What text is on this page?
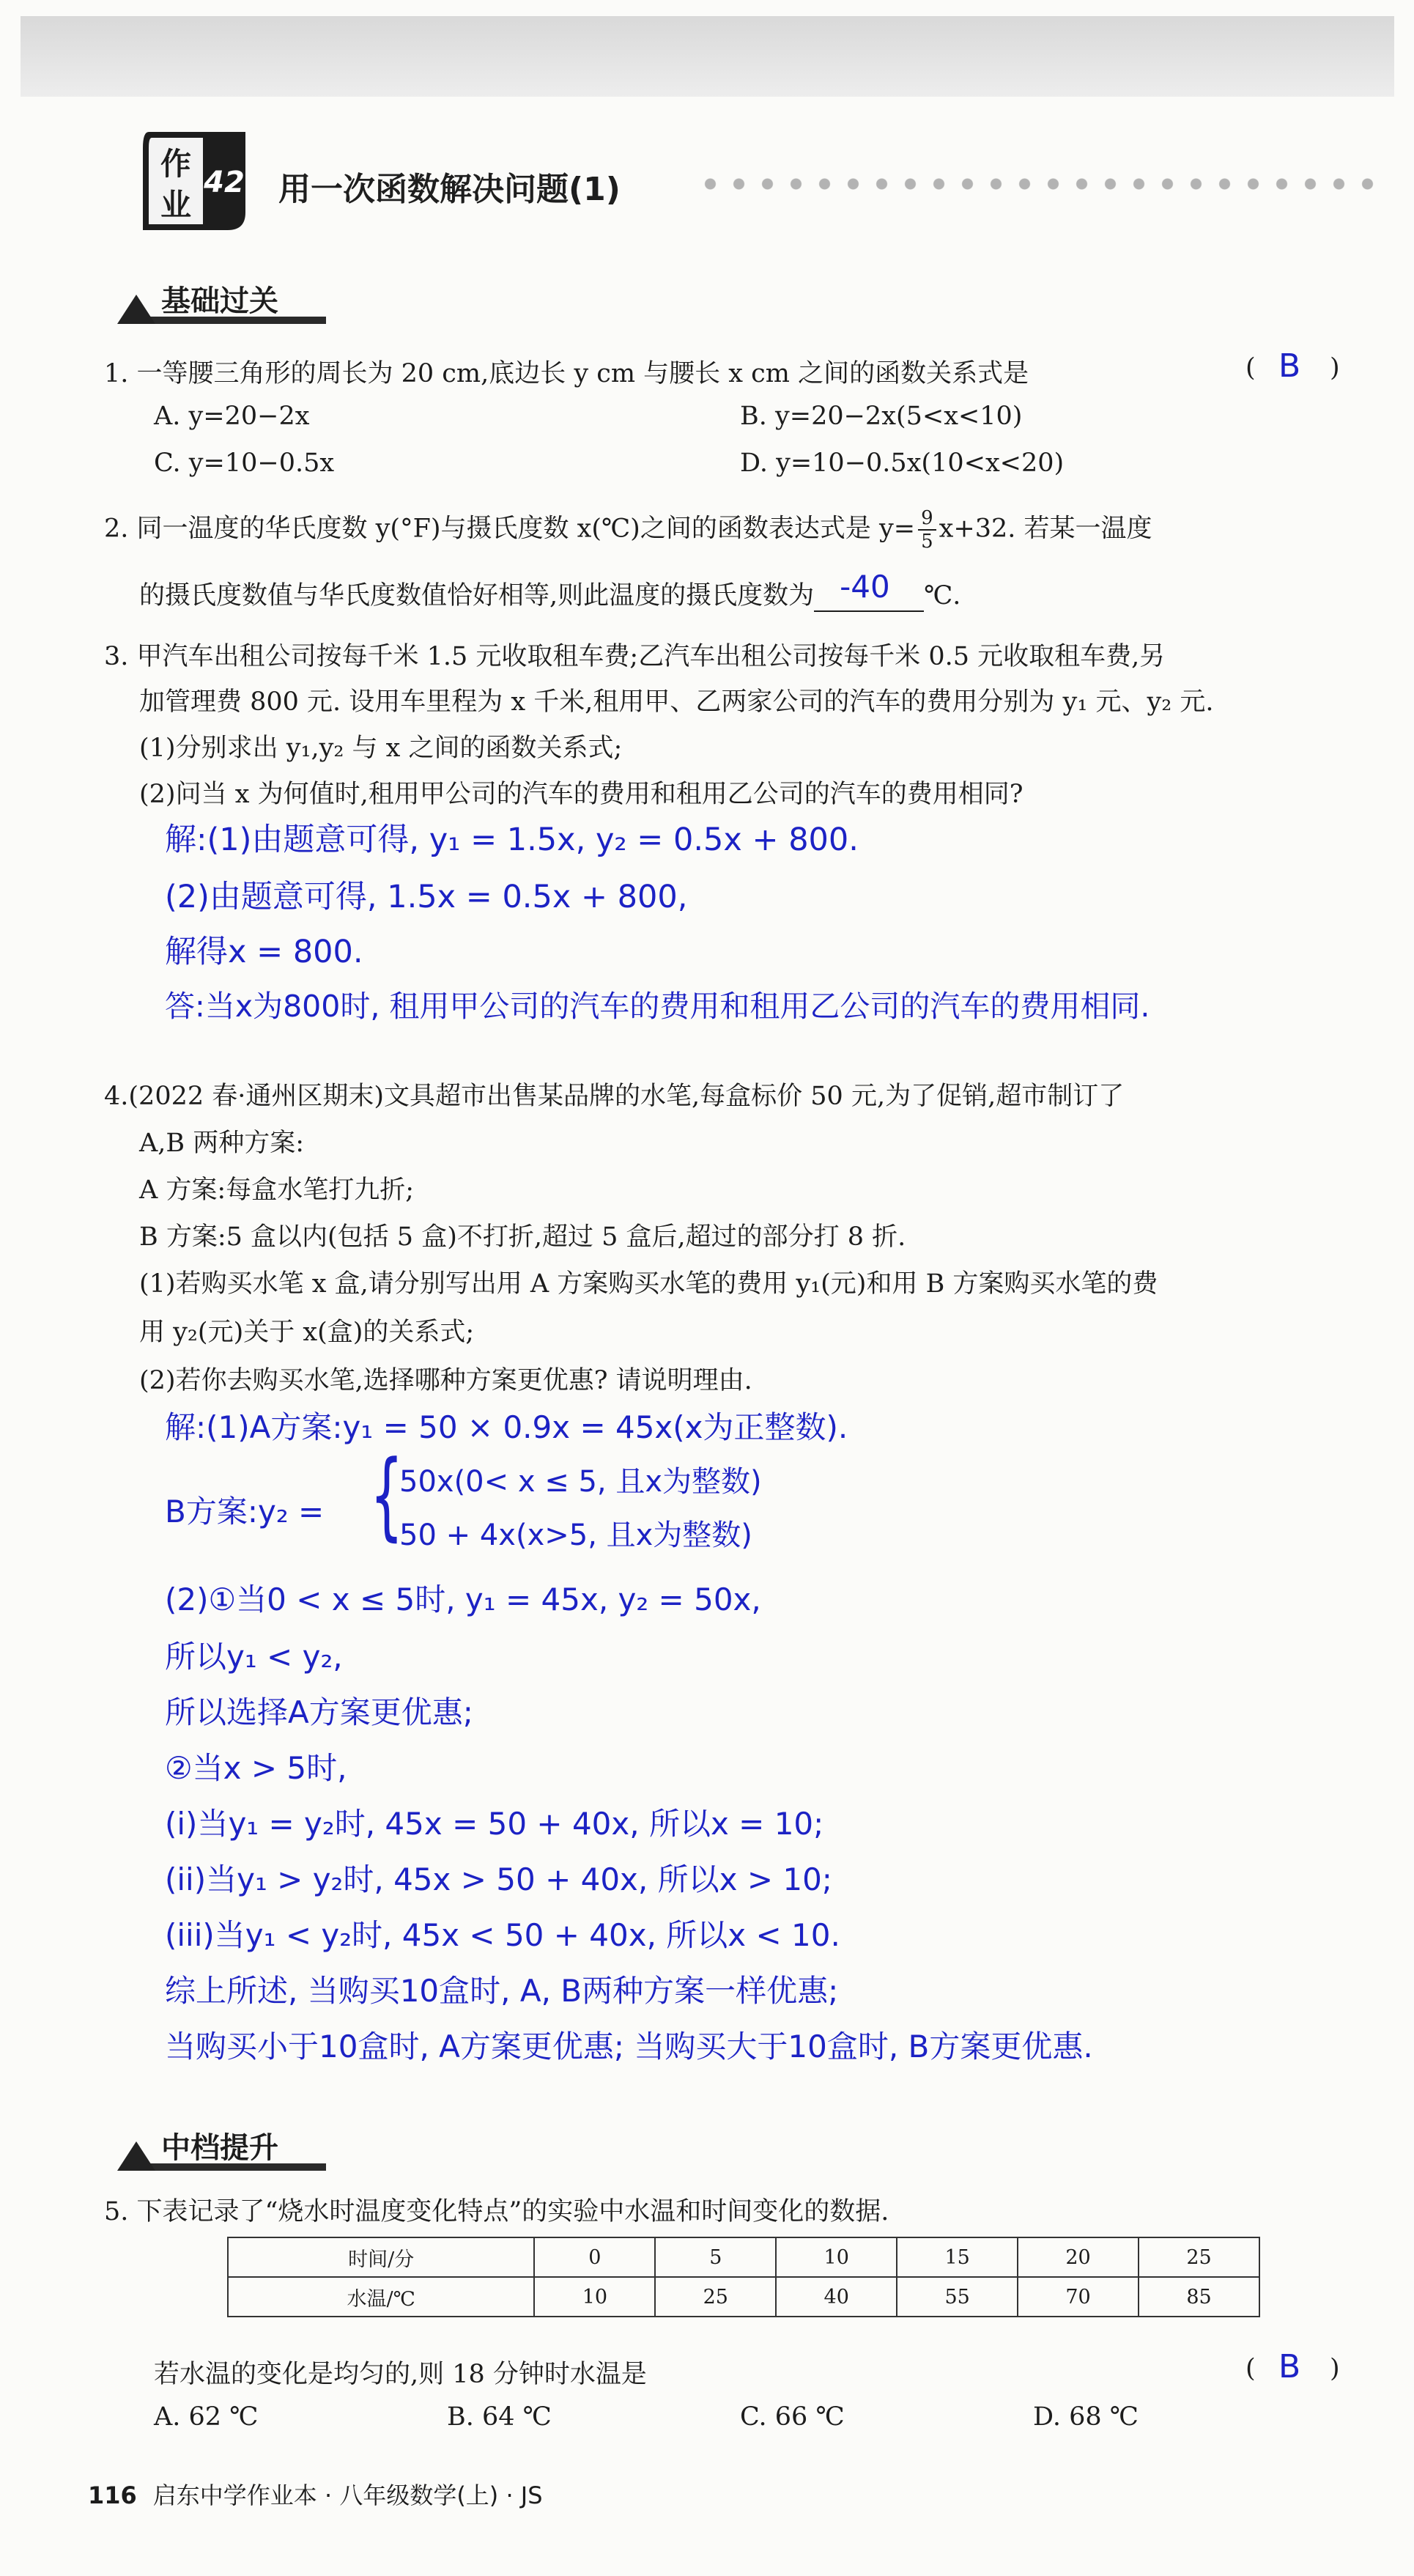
作
业
42 用一次函数解决问题(1)
基础过关
1. 一等腰三角形的周长为 20 cm,底边长 y cm 与腰长 x cm 之间的函数关系式是	( B )
A. y=20−2x	B. y=20−2x(5<x<10)
C. y=10−0.5x	D. y=10−0.5x(10<x<20)
2. 同一温度的华氏度数 y(°F)与摄氏度数 x(℃)之间的函数表达式是 $y= \frac{9}{5} x+32$. 若某一温度
的摄氏度数值与华氏度数值恰好相等,则此温度的摄氏度数为 -40 ℃.
3. 甲汽车出租公司按每千米 1.5 元收取租车费;乙汽车出租公司按每千米 0.5 元收取租车费,另
加管理费 800 元. 设用车里程为 x 千米,租用甲、乙两家公司的汽车的费用分别为 y₁ 元、y₂ 元.
(1)分别求出 y₁,y₂ 与 x 之间的函数关系式;
(2)问当 x 为何值时,租用甲公司的汽车的费用和租用乙公司的汽车的费用相同?
解:(1)由题意可得, y₁ = 1.5x, y₂ = 0.5x + 800.
(2)由题意可得, 1.5x = 0.5x + 800,
解得x = 800.
答:当x为800时, 租用甲公司的汽车的费用和租用乙公司的汽车的费用相同.
4.(2022 春·通州区期末)文具超市出售某品牌的水笔,每盒标价 50 元,为了促销,超市制订了
A,B 两种方案:
A 方案:每盒水笔打九折;
B 方案:5 盒以内(包括 5 盒)不打折,超过 5 盒后,超过的部分打 8 折.
(1)若购买水笔 x 盒,请分别写出用 A 方案购买水笔的费用 y₁(元)和用 B 方案购买水笔的费
用 y₂(元)关于 x(盒)的关系式;
(2)若你去购买水笔,选择哪种方案更优惠? 请说明理由.
解:(1)A方案:y₁ = 50 × 0.9x = 45x(x为正整数).
B方案:y₂ = {
50x(0< x ≤ 5, 且x为整数)
50 + 4x(x>5, 且x为整数)
(2)①当0 < x ≤ 5时, y₁ = 45x, y₂ = 50x,
所以y₁ < y₂,
所以选择A方案更优惠;
②当x > 5时,
(i)当y₁ = y₂时, 45x = 50 + 40x, 所以x = 10;
(ii)当y₁ > y₂时, 45x > 50 + 40x, 所以x > 10;
(iii)当y₁ < y₂时, 45x < 50 + 40x, 所以x < 10.
综上所述, 当购买10盒时, A, B两种方案一样优惠;
当购买小于10盒时, A方案更优惠; 当购买大于10盒时, B方案更优惠.
中档提升
5. 下表记录了“烧水时温度变化特点”的实验中水温和时间变化的数据.
时间/分	0	5	10	15	20	25
水温/℃	10	25	40	55	70	85
若水温的变化是均匀的,则 18 分钟时水温是	( B )
A. 62 ℃	B. 64 ℃	C. 66 ℃	D. 68 ℃
116 启东中学作业本 · 八年级数学(上) · JS
